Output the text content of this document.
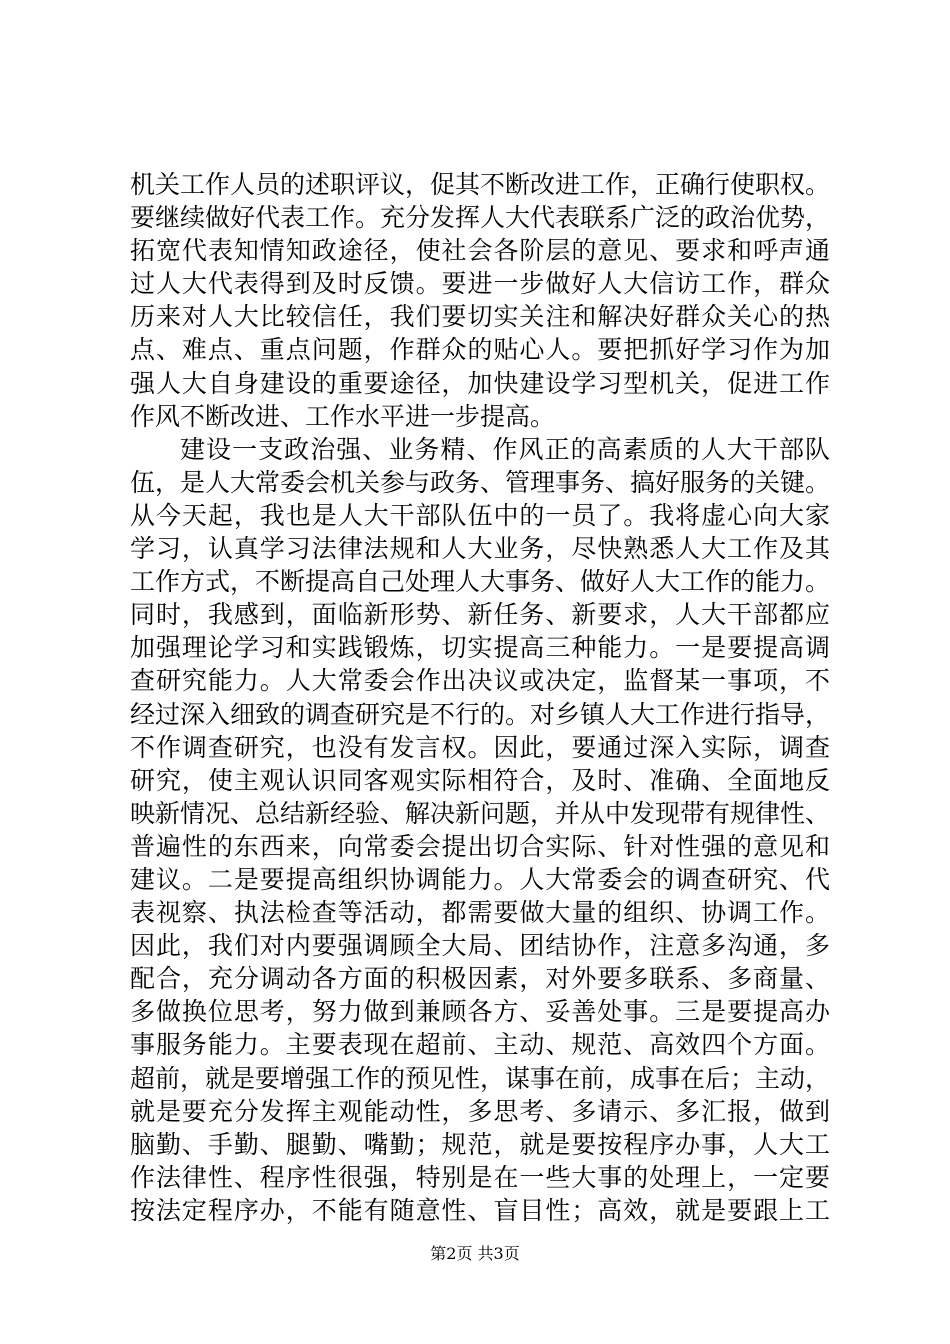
机关工作人员的述职评议，促其不断改进工作，正确行使职权。
要继续做好代表工作。充分发挥人大代表联系广泛的政治优势，
拓宽代表知情知政途径，使社会各阶层的意见、要求和呼声通
过人大代表得到及时反馈。要进一步做好人大信访工作，群众
历来对人大比较信任，我们要切实关注和解决好群众关心的热
点、难点、重点问题，作群众的贴心人。要把抓好学习作为加
强人大自身建设的重要途径，加快建设学习型机关，促进工作
作风不断改进、工作水平进一步提高。
建设一支政治强、业务精、作风正的高素质的人大干部队
伍，是人大常委会机关参与政务、管理事务、搞好服务的关键。
从今天起，我也是人大干部队伍中的一员了。我将虚心向大家
学习，认真学习法律法规和人大业务，尽快熟悉人大工作及其
工作方式，不断提高自己处理人大事务、做好人大工作的能力。
同时，我感到，面临新形势、新任务、新要求，人大干部都应
加强理论学习和实践锻炼，切实提高三种能力。一是要提高调
查研究能力。人大常委会作出决议或决定，监督某一事项，不
经过深入细致的调查研究是不行的。对乡镇人大工作进行指导，
不作调查研究，也没有发言权。因此，要通过深入实际，调查
研究，使主观认识同客观实际相符合，及时、准确、全面地反
映新情况、总结新经验、解决新问题，并从中发现带有规律性、
普遍性的东西来，向常委会提出切合实际、针对性强的意见和
建议。二是要提高组织协调能力。人大常委会的调查研究、代
表视察、执法检查等活动，都需要做大量的组织、协调工作。
因此，我们对内要强调顾全大局、团结协作，注意多沟通，多
配合，充分调动各方面的积极因素，对外要多联系、多商量、
多做换位思考，努力做到兼顾各方、妥善处事。三是要提高办
事服务能力。主要表现在超前、主动、规范、高效四个方面。
超前，就是要增强工作的预见性，谋事在前，成事在后；主动，
就是要充分发挥主观能动性，多思考、多请示、多汇报，做到
脑勤、手勤、腿勤、嘴勤；规范，就是要按程序办事，人大工
作法律性、程序性很强，特别是在一些大事的处理上，一定要
按法定程序办，不能有随意性、盲目性；高效，就是要跟上工
第2页 共3页
